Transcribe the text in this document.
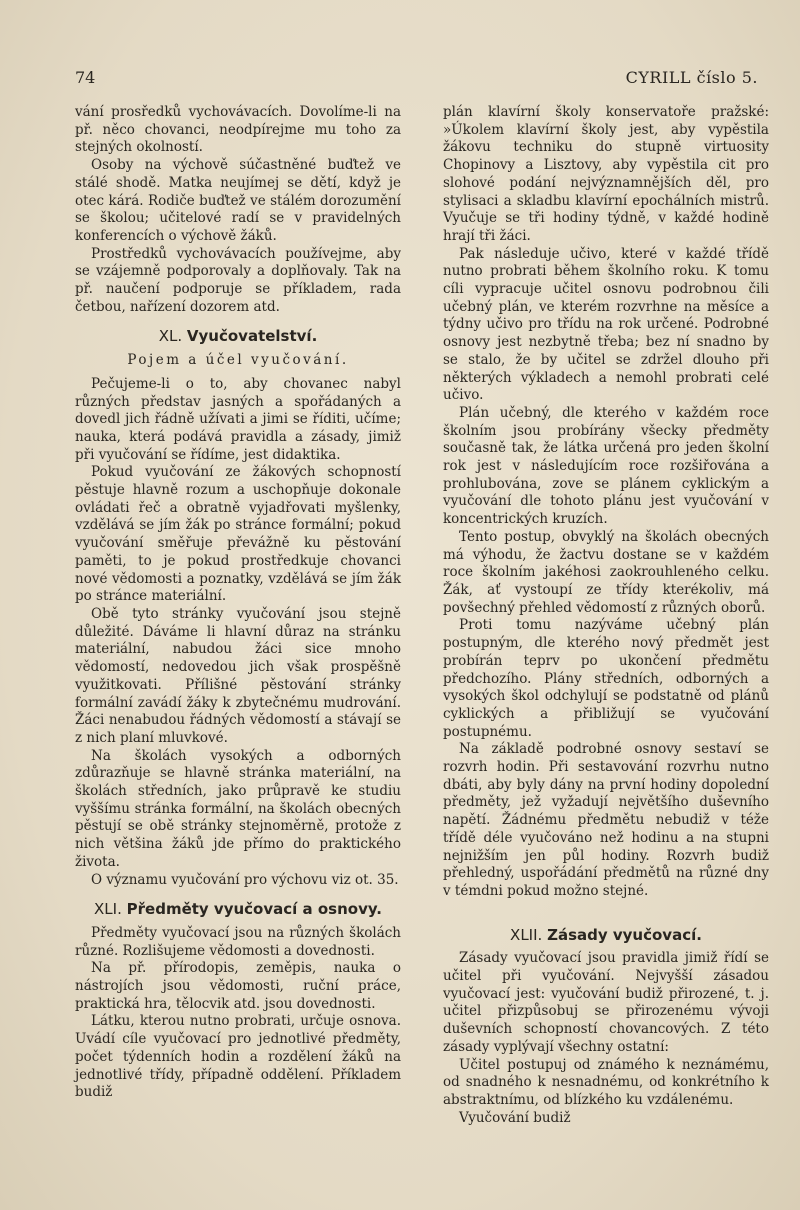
74	CYRILL číslo 5.

vání prosředků vychovávacích. Dovolíme-li na př. něco chovanci, neodpírejme mu toho za stejných okolností.

Osoby na výchově súčastněné buďtež ve stálé shodě. Matka neujímej se dětí, když je otec kárá. Rodiče buďtež ve stálém dorozumění se školou; učitelové radí se v pravidelných konferencích o výchově žáků.

Prostředků vychovávacích používejme, aby se vzájemně podporovaly a doplňovaly. Tak na př. naučení podporuje se příkladem, rada četbou, nařízení dozorem atd.

XL. Vyučovatelství.
Pojem a účel vyučování.

Pečujeme-li o to, aby chovanec nabyl různých představ jasných a spořádaných a dovedl jich řádně užívati a jimi se říditi, učíme; nauka, která podává pravidla a zásady, jimiž při vyučování se řídíme, jest didaktika.

Pokud vyučování ze žákových schopností pěstuje hlavně rozum a uschopňuje dokonale ovládati řeč a obratně vyjadřovati myšlenky, vzdělává se jím žák po stránce formální; pokud vyučování směřuje převážně ku pěstování paměti, to je pokud prostředkuje chovanci nové vědomosti a poznatky, vzdělává se jím žák po stránce materiální.

Obě tyto stránky vyučování jsou stejně důležité. Dáváme li hlavní důraz na stránku materiální, nabudou žáci sice mnoho vědomostí, nedovedou jich však prospěšně využitkovati. Přílišné pěstování stránky formální zavádí žáky k zbytečnému mudrování. Žáci nenabudou řádných vědomostí a stávají se z nich planí mluvkové.

Na školách vysokých a odborných zdůrazňuje se hlavně stránka materiální, na školách středních, jako průpravě ke studiu vyššímu stránka formální, na školách obecných pěstují se obě stránky stejnoměrně, protože z nich většina žáků jde přímo do praktického života.

O významu vyučování pro výchovu viz ot. 35.

XLI. Předměty vyučovací a osnovy.

Předměty vyučovací jsou na různých školách různé. Rozlišujeme vědomosti a dovednosti.

Na př. přírodopis, zeměpis, nauka o nástrojích jsou vědomosti, ruční práce, praktická hra, tělocvik atd. jsou dovednosti.

Látku, kterou nutno probrati, určuje osnova. Uvádí cíle vyučovací pro jednotlivé předměty, počet týdenních hodin a rozdělení žáků na jednotlivé třídy, případně oddělení. Příkladem budiž

plán klavírní školy konservatoře pražské: »Úkolem klavírní školy jest, aby vypěstila žákovu techniku do stupně virtuosity Chopinovy a Lisztovy, aby vypěstila cit pro slohové podání nejvýznamnějších děl, pro stylisaci a skladbu klavírní epochálních mistrů. Vyučuje se tři hodiny týdně, v každé hodině hrají tři žáci.

Pak následuje učivo, které v každé třídě nutno probrati během školního roku. K tomu cíli vypracuje učitel osnovu podrobnou čili učebný plán, ve kterém rozvrhne na měsíce a týdny učivo pro třídu na rok určené. Podrobné osnovy jest nezbytně třeba; bez ní snadno by se stalo, že by učitel se zdržel dlouho při některých výkladech a nemohl probrati celé učivo.

Plán učebný, dle kterého v každém roce školním jsou probírány všecky předměty současně tak, že látka určená pro jeden školní rok jest v následujícím roce rozšiřována a prohlubována, zove se plánem cyklickým a vyučování dle tohoto plánu jest vyučování v koncentrických kruzích.

Tento postup, obvyklý na školách obecných má výhodu, že žactvu dostane se v každém roce školním jakéhosi zaokrouhleného celku. Žák, ať vystoupí ze třídy kterékoliv, má povšechný přehled vědomostí z různých oborů.

Proti tomu nazýváme učebný plán postupným, dle kterého nový předmět jest probírán teprv po ukončení předmětu předchozího. Plány středních, odborných a vysokých škol odchylují se podstatně od plánů cyklických a přibližují se vyučování postupnému.

Na základě podrobné osnovy sestaví se rozvrh hodin. Při sestavování rozvrhu nutno dbáti, aby byly dány na první hodiny dopolední předměty, jež vyžadují největšího duševního napětí. Žádnému předmětu nebudiž v téže třídě déle vyučováno než hodinu a na stupni nejnižším jen půl hodiny. Rozvrh budiž přehledný, uspořádání předmětů na různé dny v témdni pokud možno stejné.

XLII. Zásady vyučovací.

Zásady vyučovací jsou pravidla jimiž řídí se učitel při vyučování. Nejvyšší zásadou vyučovací jest: vyučování budiž přirozené, t. j. učitel přizpůsobuj se přirozenému vývoji duševních schopností chovancových. Z této zásady vyplývají všechny ostatní:

Učitel postupuj od známého k neznámému, od snadného k nesnadnému, od konkrétního k abstraktnímu, od blízkého ku vzdálenému.

Vyučování budiž
